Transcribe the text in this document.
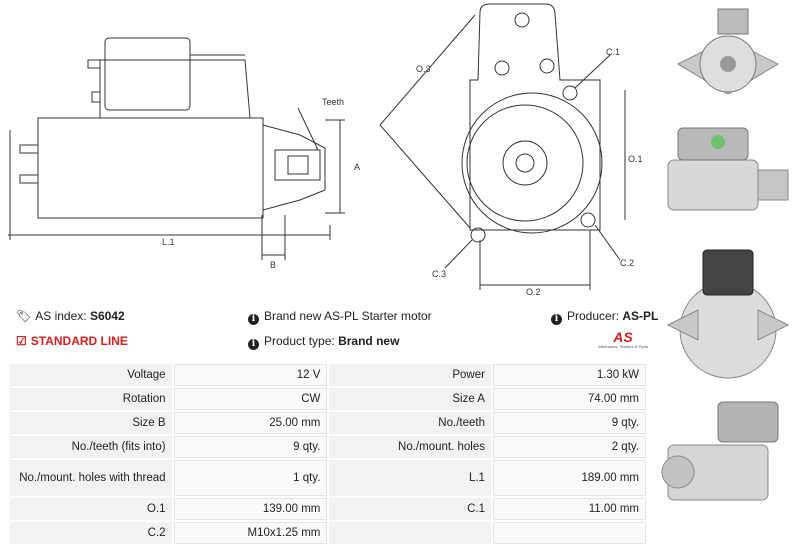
Teeth
A
B
L.1
O.1
O.2
O.3
C.1
C.2
C.3
🏷︎ AS index: S6042	i Brand new AS-PL Starter motor	i Producer: AS-PL
☑ STANDARD LINE	i Product type: Brand new	AS
Alternators, Starters & Parts
Voltage	12 V	Power	1.30 kW
Rotation	CW	Size A	74.00 mm
Size B	25.00 mm	No./teeth	9 qty.
No./teeth (fits into)	9 qty.	No./mount. holes	2 qty.
No./mount. holes with thread	1 qty.	L.1	189.00 mm
O.1	139.00 mm	C.1	11.00 mm
C.2	M10x1.25 mm		
